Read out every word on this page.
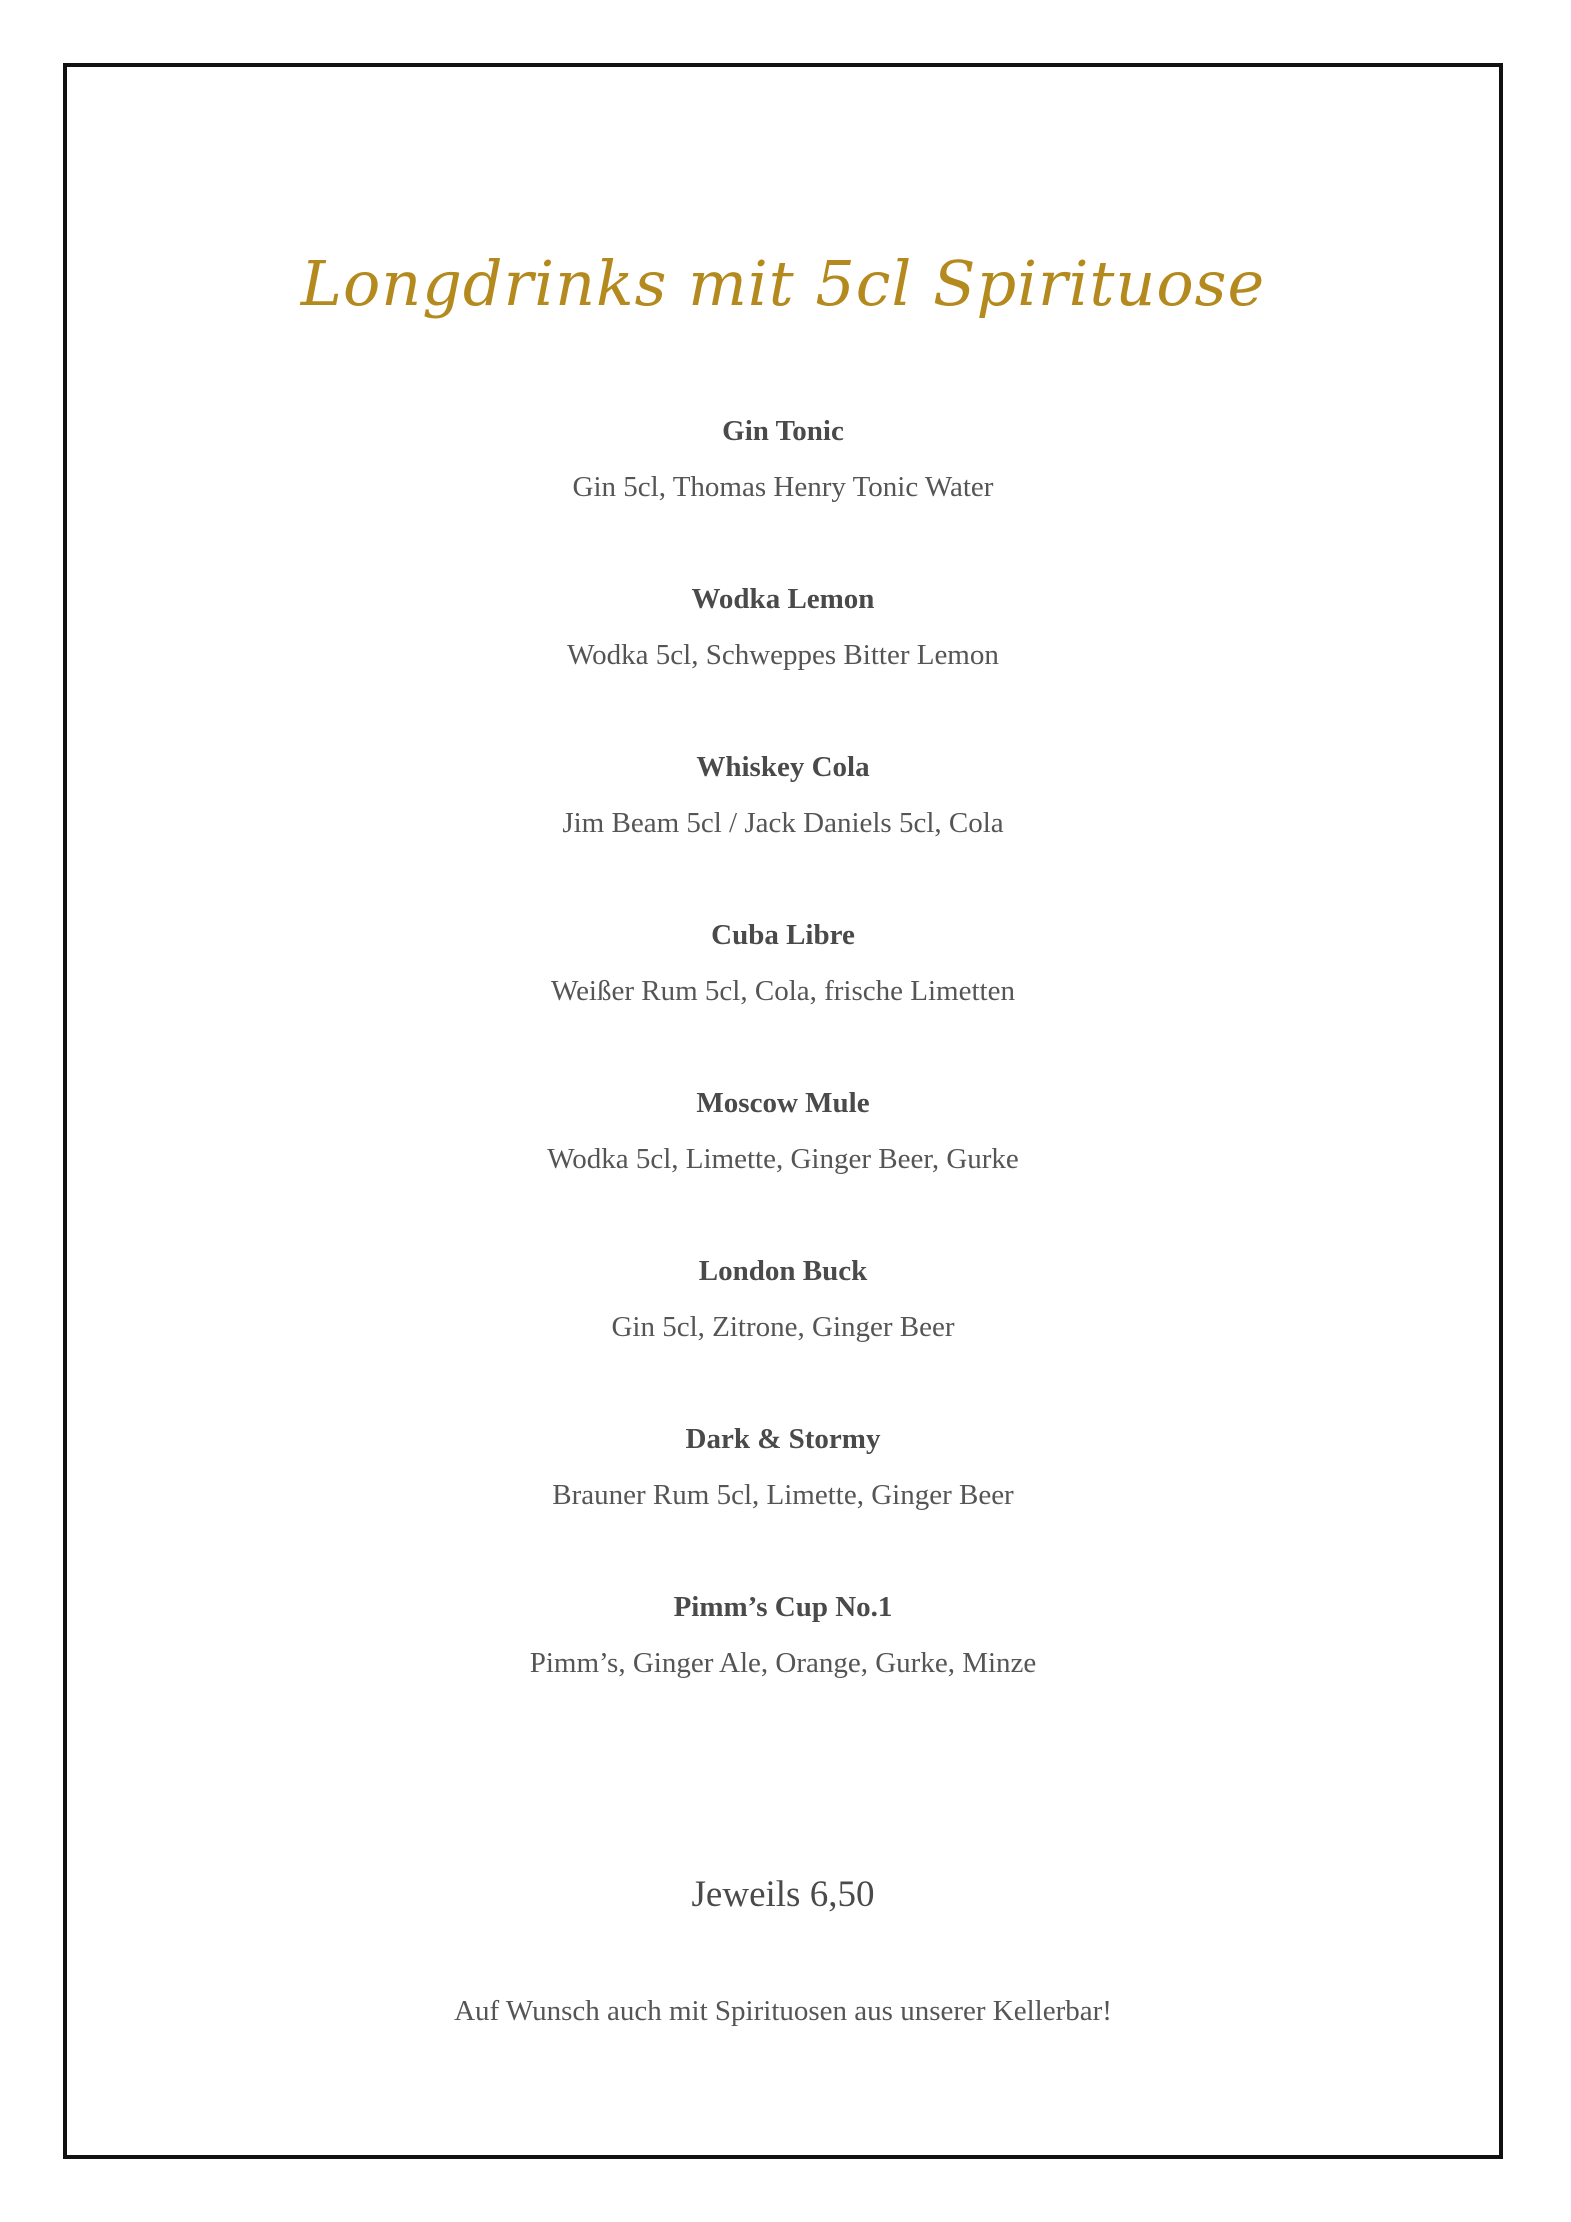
Longdrinks mit 5cl Spirituose
Gin Tonic
Gin 5cl, Thomas Henry Tonic Water
Wodka Lemon
Wodka 5cl, Schweppes Bitter Lemon
Whiskey Cola
Jim Beam 5cl / Jack Daniels 5cl, Cola
Cuba Libre
Weißer Rum 5cl, Cola, frische Limetten
Moscow Mule
Wodka 5cl, Limette, Ginger Beer, Gurke
London Buck
Gin 5cl, Zitrone, Ginger Beer
Dark & Stormy
Brauner Rum 5cl, Limette, Ginger Beer
Pimm’s Cup No.1
Pimm’s, Ginger Ale, Orange, Gurke, Minze
Jeweils 6,50
Auf Wunsch auch mit Spirituosen aus unserer Kellerbar!
